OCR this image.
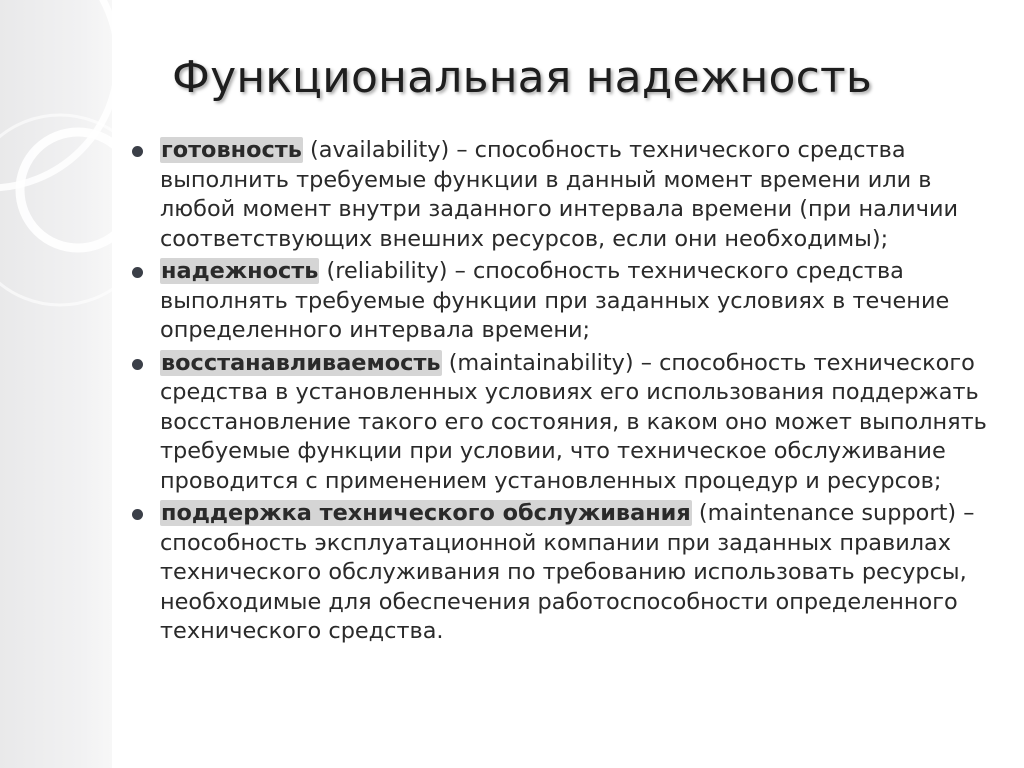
Функциональная надежность
готовность (availability) – способность технического средства выполнить требуемые функции в данный момент времени или в любой момент внутри заданного интервала времени (при наличии соответствующих внешних ресурсов, если они необходимы);
надежность (reliability) – способность технического средства выполнять требуемые функции при заданных условиях в течение определенного интервала времени;
восстанавливаемость (maintainability) – способность технического средства в установленных условиях его использования поддержать восстановление такого его состояния, в каком оно может выполнять требуемые функции при условии, что техническое обслуживание проводится с применением установленных процедур и ресурсов;
поддержка технического обслуживания (maintenance support) – способность эксплуатационной компании при заданных правилах технического обслуживания по требованию использовать ресурсы, необходимые для обеспечения работоспособности определенного технического средства.
